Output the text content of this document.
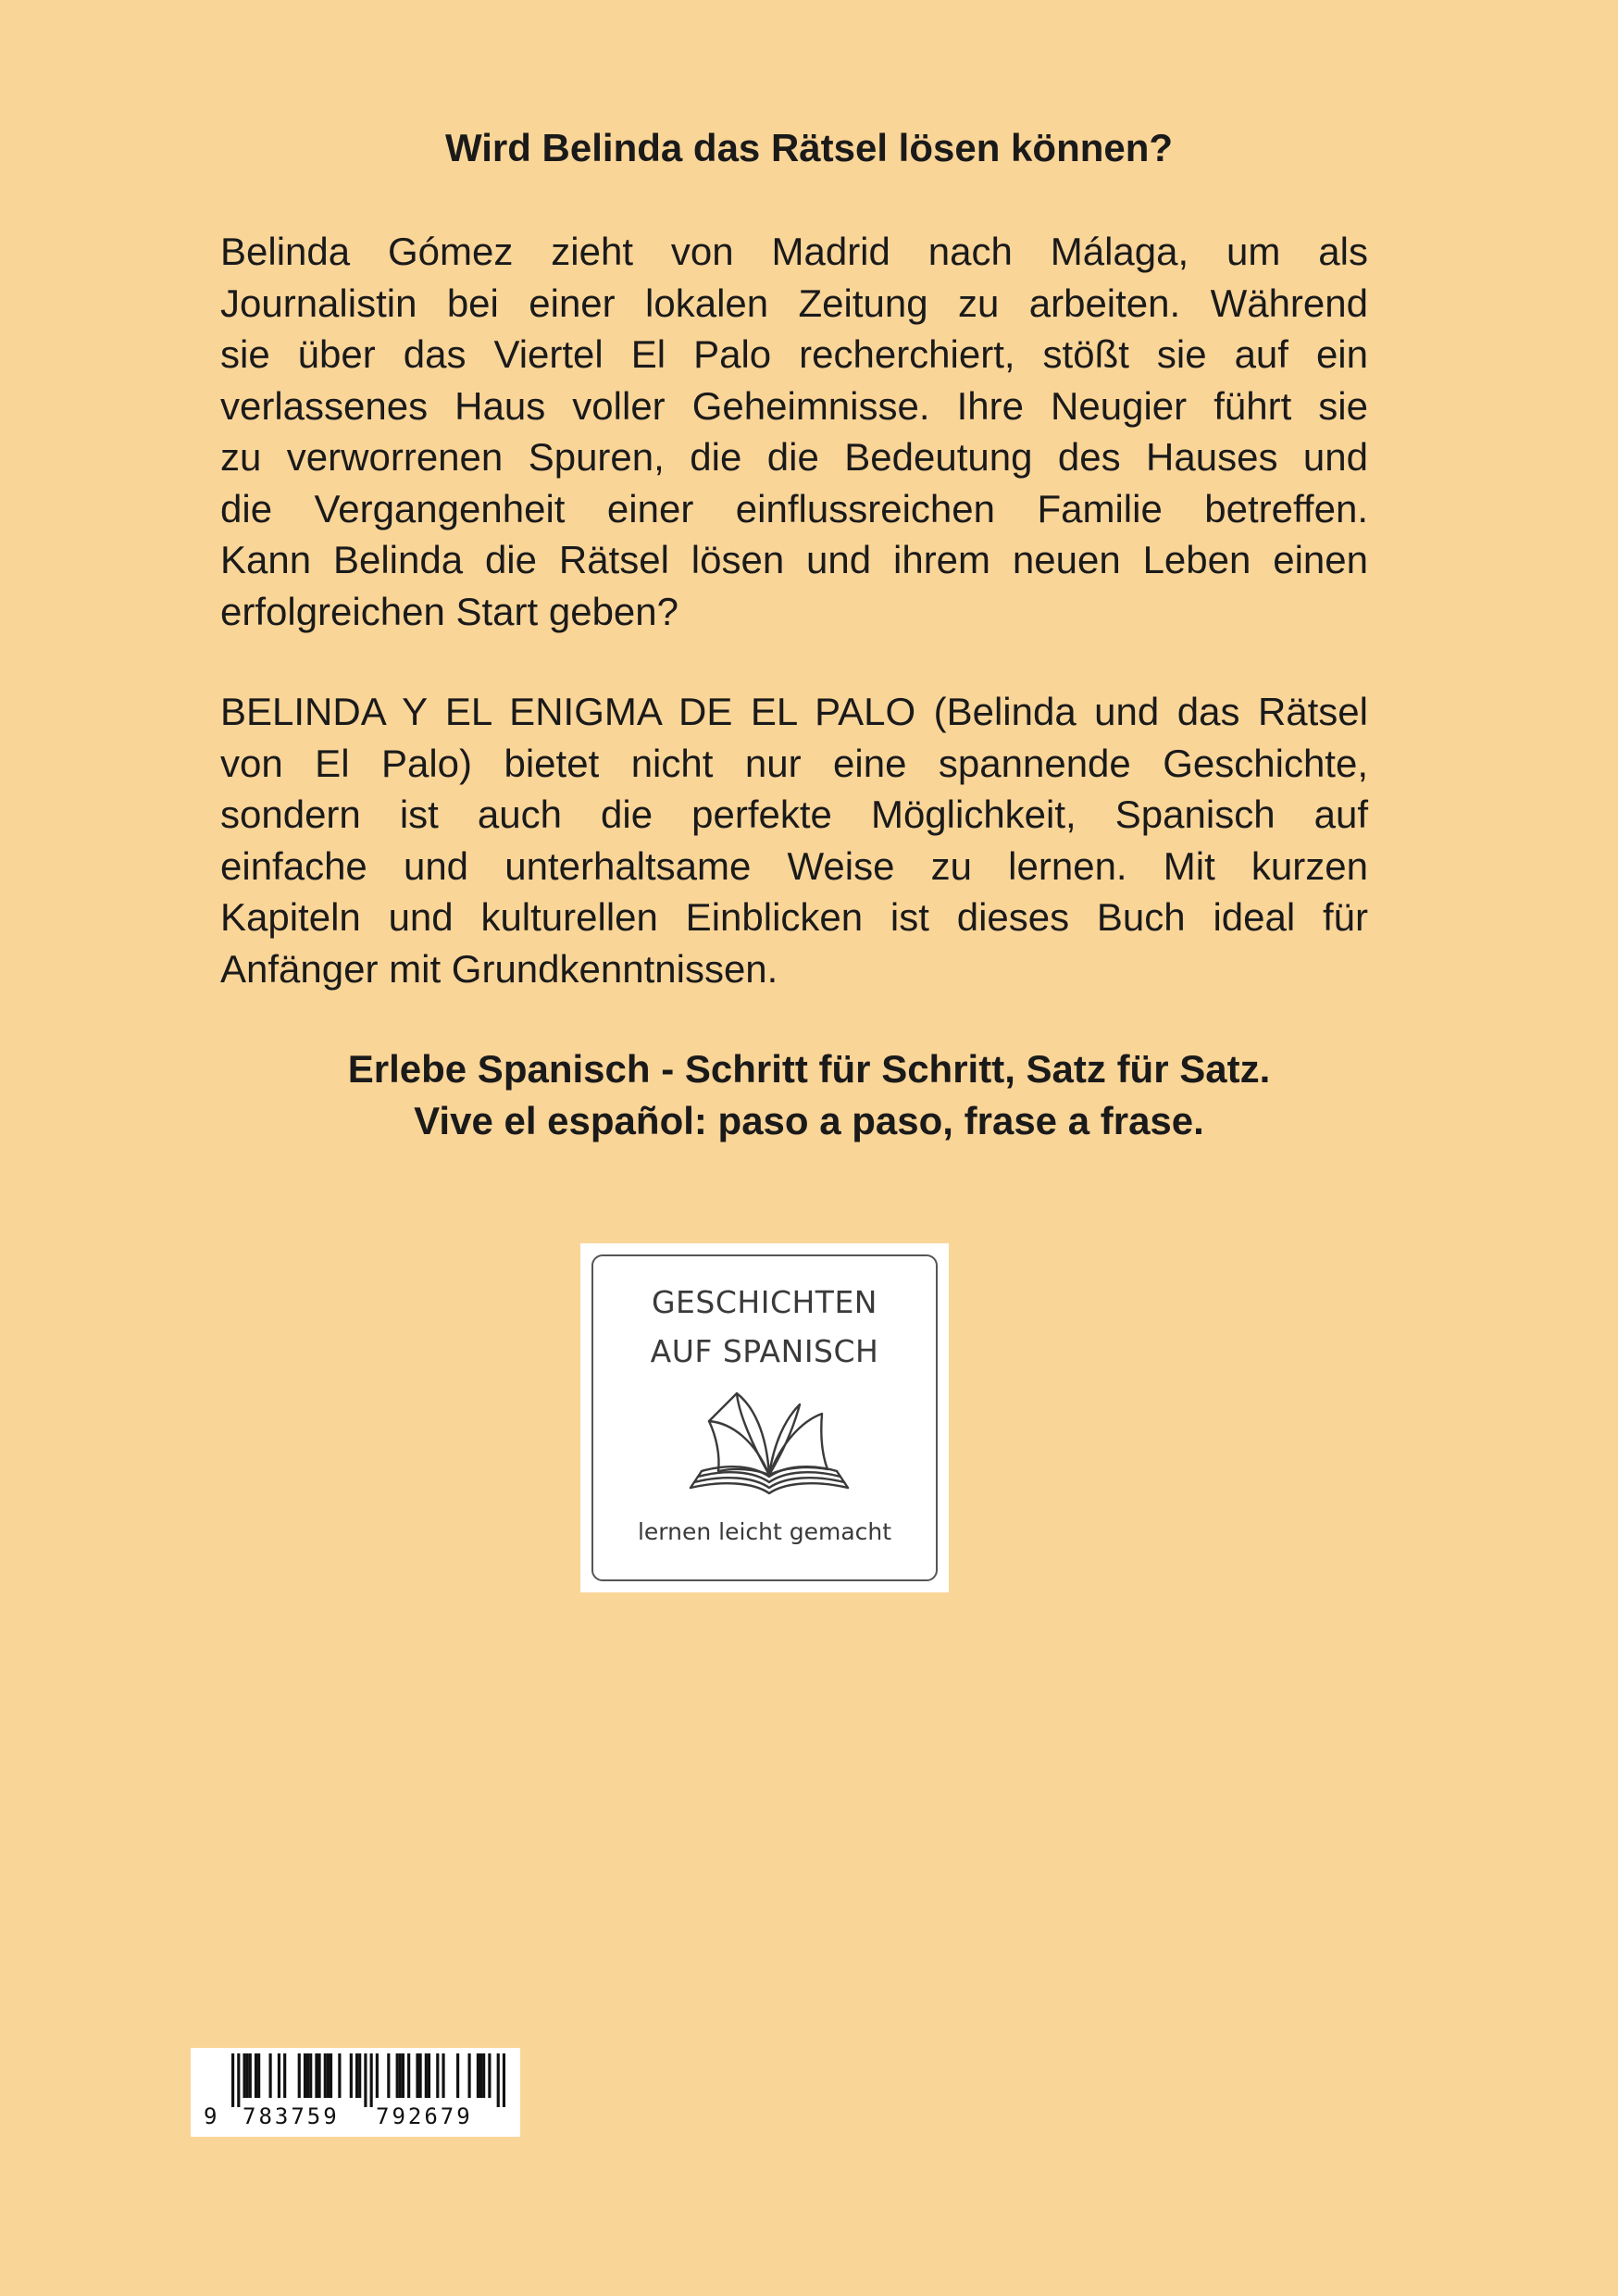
Wird Belinda das Rätsel lösen können?
Belinda Gómez zieht von Madrid nach Málaga, um als
Journalistin bei einer lokalen Zeitung zu arbeiten. Während
sie über das Viertel El Palo recherchiert, stößt sie auf ein
verlassenes Haus voller Geheimnisse. Ihre Neugier führt sie
zu verworrenen Spuren, die die Bedeutung des Hauses und
die Vergangenheit einer einflussreichen Familie betreffen.
Kann Belinda die Rätsel lösen und ihrem neuen Leben einen
erfolgreichen Start geben?
BELINDA Y EL ENIGMA DE EL PALO (Belinda und das Rätsel
von El Palo) bietet nicht nur eine spannende Geschichte,
sondern ist auch die perfekte Möglichkeit, Spanisch auf
einfache und unterhaltsame Weise zu lernen. Mit kurzen
Kapiteln und kulturellen Einblicken ist dieses Buch ideal für
Anfänger mit Grundkenntnissen.

Erlebe Spanisch - Schritt für Schritt, Satz für Satz.

Vive el español: paso a paso, frase a frase.

GESCHICHTEN
AUF SPANISCH
lernen leicht gemacht
9 783759 792679
